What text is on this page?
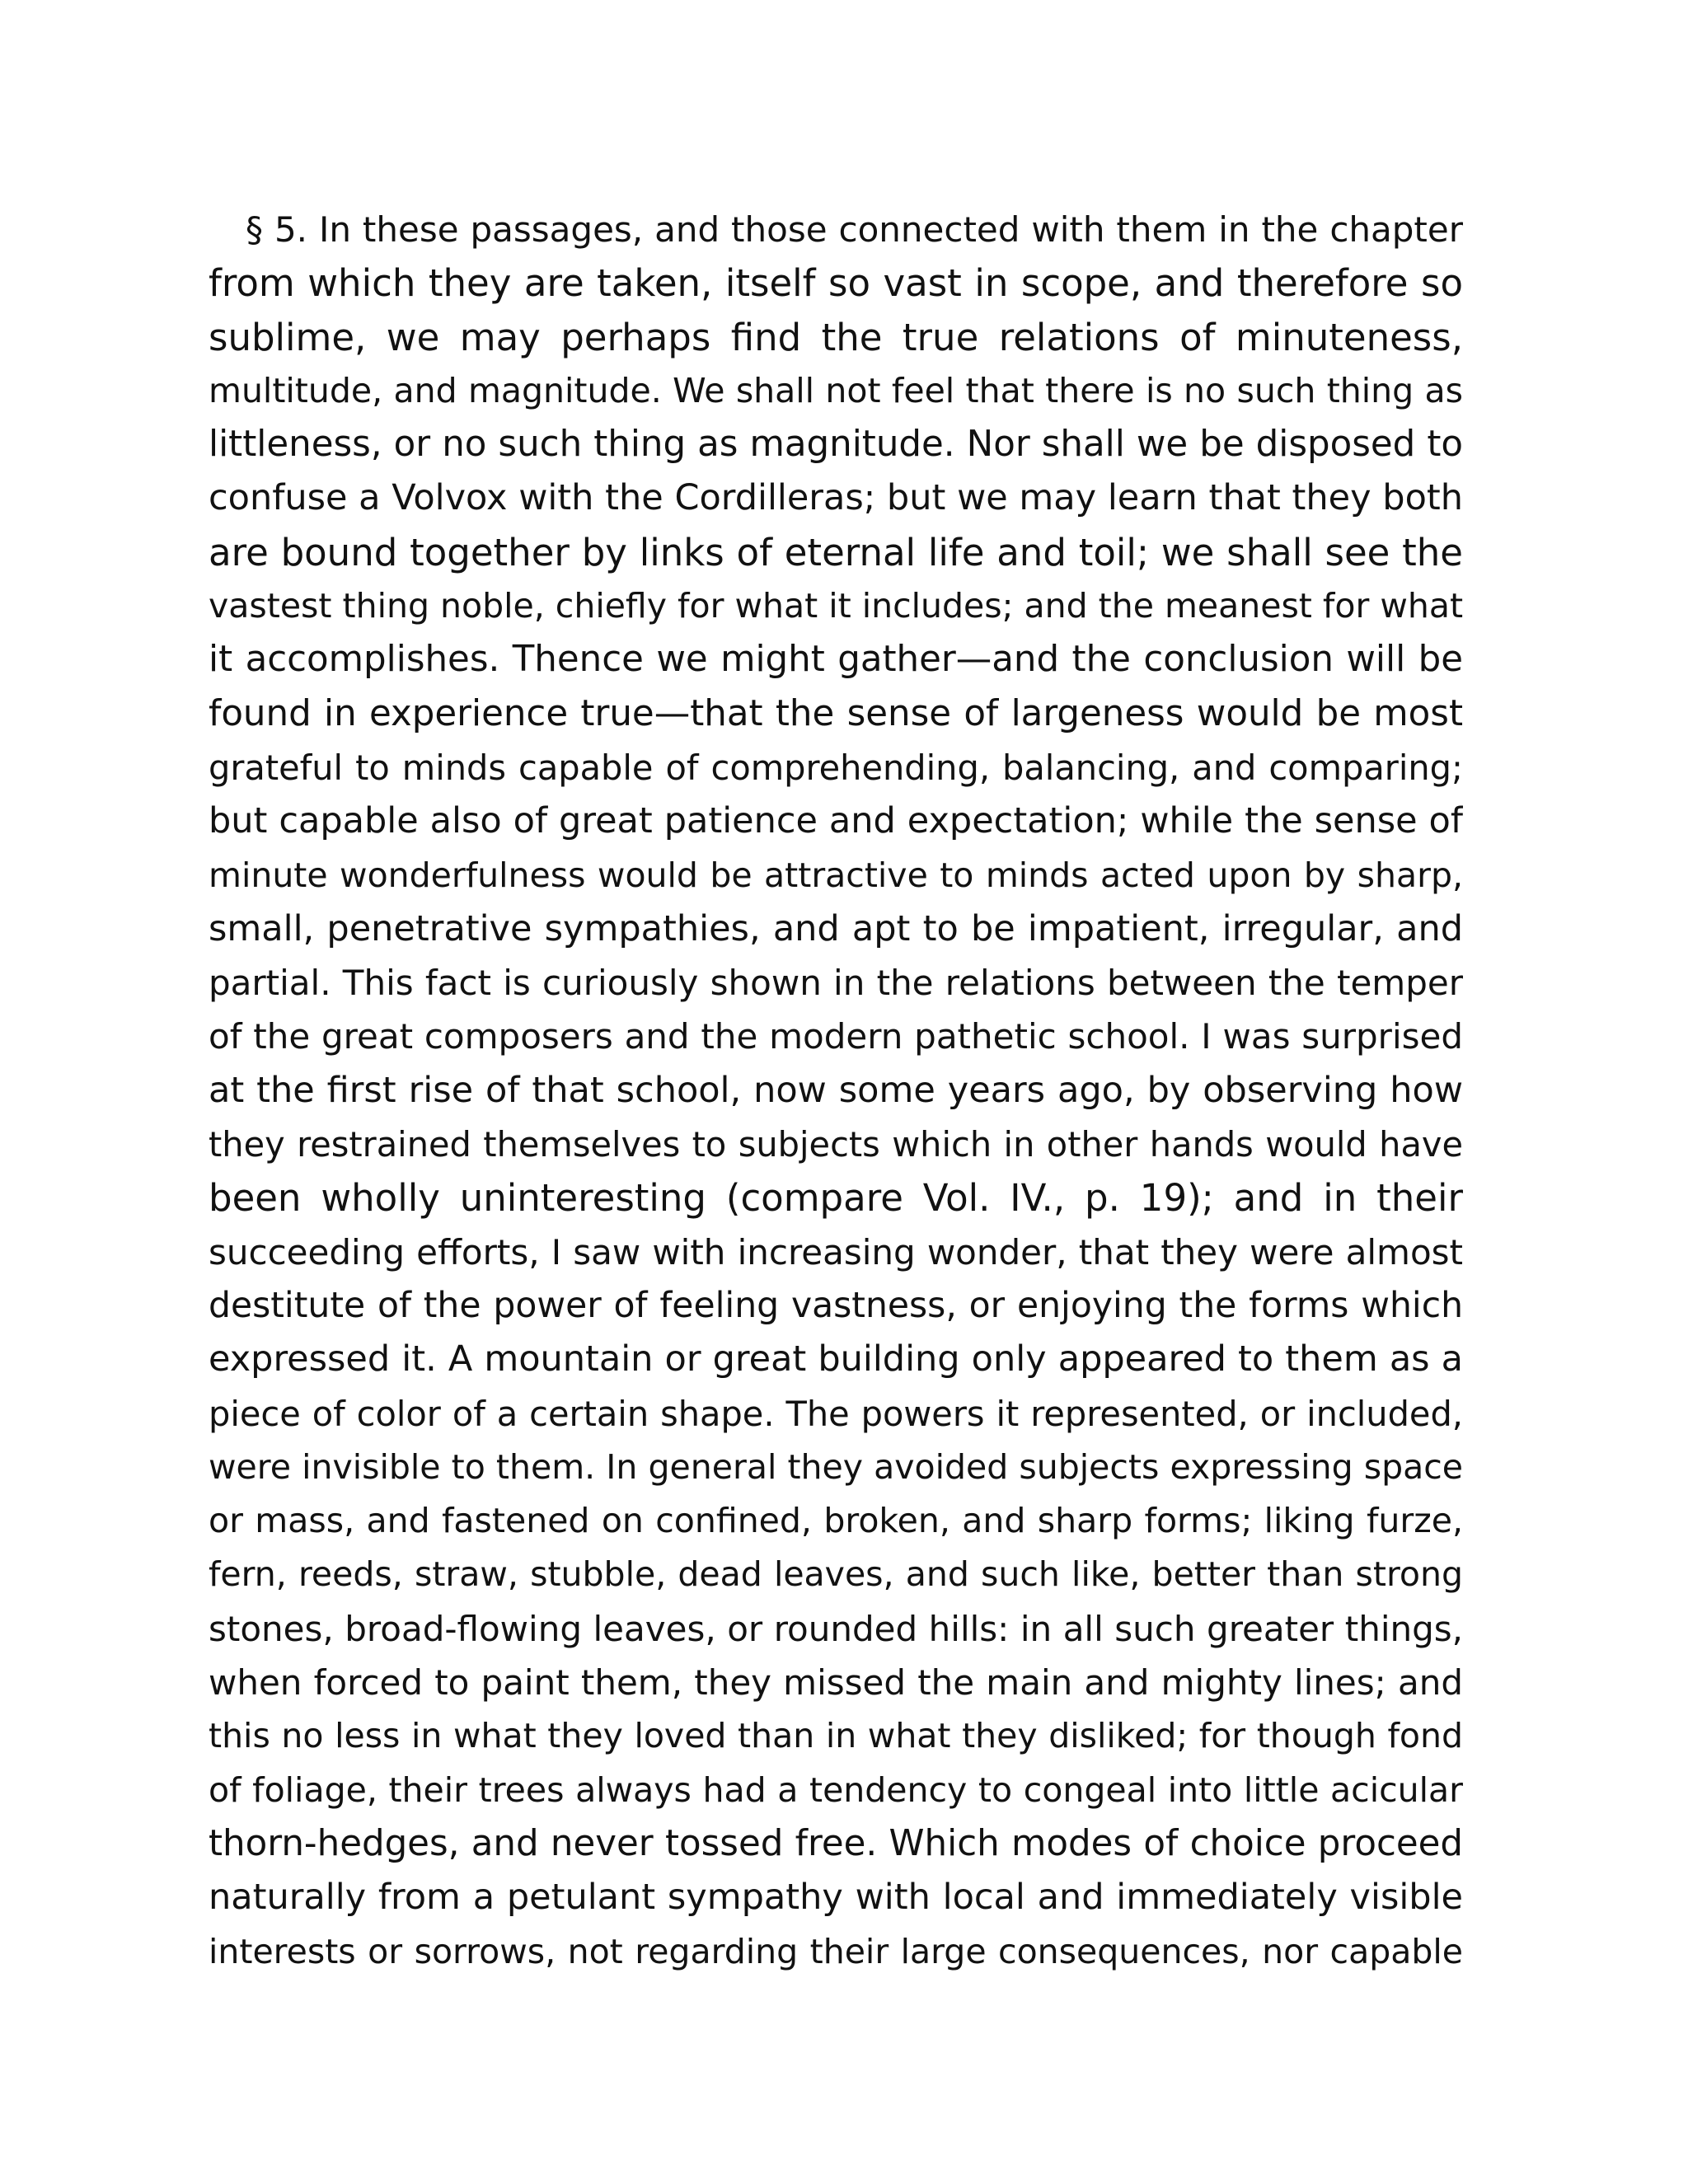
§ 5. In these passages, and those connected with them in the chapter
from which they are taken, itself so vast in scope, and therefore so
sublime, we may perhaps find the true relations of minuteness,
multitude, and magnitude. We shall not feel that there is no such thing as
littleness, or no such thing as magnitude. Nor shall we be disposed to
confuse a Volvox with the Cordilleras; but we may learn that they both
are bound together by links of eternal life and toil; we shall see the
vastest thing noble, chiefly for what it includes; and the meanest for what
it accomplishes. Thence we might gather—and the conclusion will be
found in experience true—that the sense of largeness would be most
grateful to minds capable of comprehending, balancing, and comparing;
but capable also of great patience and expectation; while the sense of
minute wonderfulness would be attractive to minds acted upon by sharp,
small, penetrative sympathies, and apt to be impatient, irregular, and
partial. This fact is curiously shown in the relations between the temper
of the great composers and the modern pathetic school. I was surprised
at the first rise of that school, now some years ago, by observing how
they restrained themselves to subjects which in other hands would have
been wholly uninteresting (compare Vol. IV., p. 19); and in their
succeeding efforts, I saw with increasing wonder, that they were almost
destitute of the power of feeling vastness, or enjoying the forms which
expressed it. A mountain or great building only appeared to them as a
piece of color of a certain shape. The powers it represented, or included,
were invisible to them. In general they avoided subjects expressing space
or mass, and fastened on confined, broken, and sharp forms; liking furze,
fern, reeds, straw, stubble, dead leaves, and such like, better than strong
stones, broad-flowing leaves, or rounded hills: in all such greater things,
when forced to paint them, they missed the main and mighty lines; and
this no less in what they loved than in what they disliked; for though fond
of foliage, their trees always had a tendency to congeal into little acicular
thorn-hedges, and never tossed free. Which modes of choice proceed
naturally from a petulant sympathy with local and immediately visible
interests or sorrows, not regarding their large consequences, nor capable
